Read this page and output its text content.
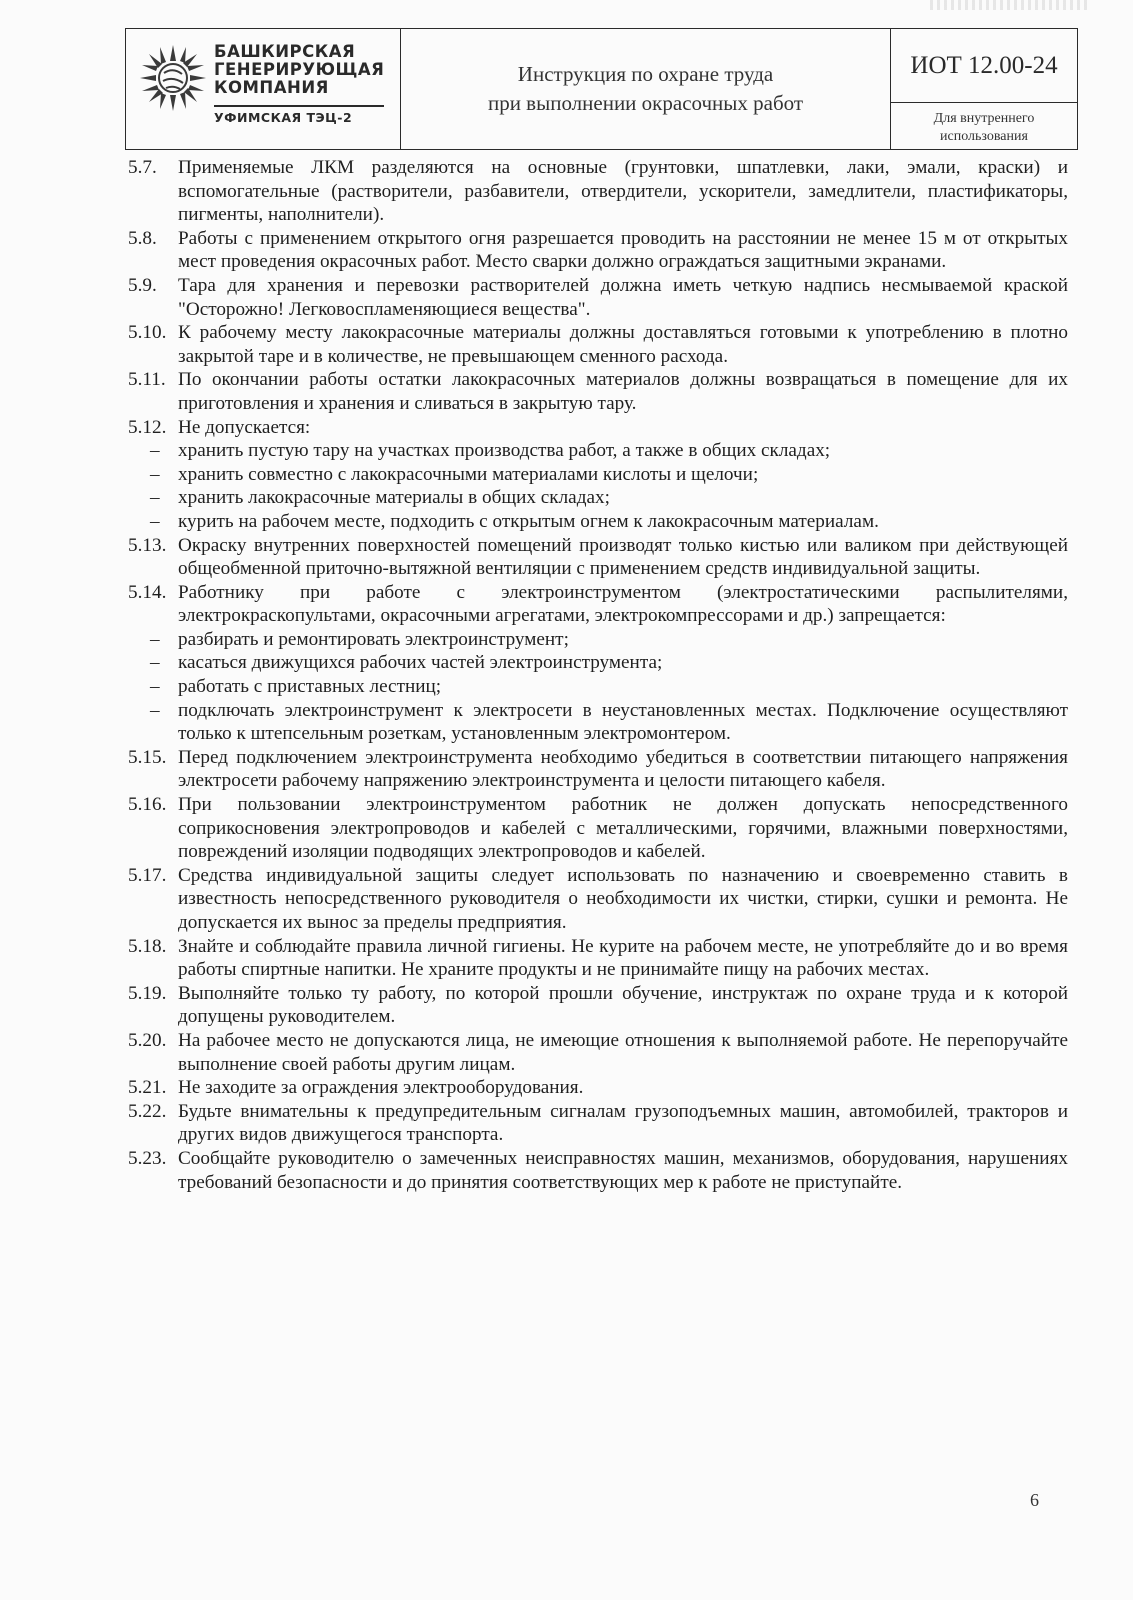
БАШКИРСКАЯ
ГЕНЕРИРУЮЩАЯ
КОМПАНИЯ
УФИМСКАЯ ТЭЦ-2
Инструкция по охране труда
при выполнении окрасочных работ
ИОТ 12.00-24
Для внутреннего
использования
5.7. Применяемые ЛКМ разделяются на основные (грунтовки, шпатлевки, лаки, эмали, краски) и вспомогательные (растворители, разбавители, отвердители, ускорители, замедлители, пластификаторы, пигменты, наполнители).
5.8. Работы с применением открытого огня разрешается проводить на расстоянии не менее 15 м от открытых мест проведения окрасочных работ. Место сварки должно ограждаться защитными экранами.
5.9. Тара для хранения и перевозки растворителей должна иметь четкую надпись несмываемой краской "Осторожно! Легковоспламеняющиеся вещества".
5.10. К рабочему месту лакокрасочные материалы должны доставляться готовыми к употреблению в плотно закрытой таре и в количестве, не превышающем сменного расхода.
5.11. По окончании работы остатки лакокрасочных материалов должны возвращаться в помещение для их приготовления и хранения и сливаться в закрытую тару.
5.12. Не допускается:
– хранить пустую тару на участках производства работ, а также в общих складах;
– хранить совместно с лакокрасочными материалами кислоты и щелочи;
– хранить лакокрасочные материалы в общих складах;
– курить на рабочем месте, подходить с открытым огнем к лакокрасочным материалам.
5.13. Окраску внутренних поверхностей помещений производят только кистью или валиком при действующей общеобменной приточно-вытяжной вентиляции с применением средств индивидуальной защиты.
5.14. Работнику при работе с электроинструментом (электростатическими распылителями, электрокраскопультами, окрасочными агрегатами, электрокомпрессорами и др.) запрещается:
– разбирать и ремонтировать электроинструмент;
– касаться движущихся рабочих частей электроинструмента;
– работать с приставных лестниц;
– подключать электроинструмент к электросети в неустановленных местах. Подключение осуществляют только к штепсельным розеткам, установленным электромонтером.
5.15. Перед подключением электроинструмента необходимо убедиться в соответствии питающего напряжения электросети рабочему напряжению электроинструмента и целости питающего кабеля.
5.16. При пользовании электроинструментом работник не должен допускать непосредственного соприкосновения электропроводов и кабелей с металлическими, горячими, влажными поверхностями, повреждений изоляции подводящих электропроводов и кабелей.
5.17. Средства индивидуальной защиты следует использовать по назначению и своевременно ставить в известность непосредственного руководителя о необходимости их чистки, стирки, сушки и ремонта. Не допускается их вынос за пределы предприятия.
5.18. Знайте и соблюдайте правила личной гигиены. Не курите на рабочем месте, не употребляйте до и во время работы спиртные напитки. Не храните продукты и не принимайте пищу на рабочих местах.
5.19. Выполняйте только ту работу, по которой прошли обучение, инструктаж по охране труда и к которой допущены руководителем.
5.20. На рабочее место не допускаются лица, не имеющие отношения к выполняемой работе. Не перепоручайте выполнение своей работы другим лицам.
5.21. Не заходите за ограждения электрооборудования.
5.22. Будьте внимательны к предупредительным сигналам грузоподъемных машин, автомобилей, тракторов и других видов движущегося транспорта.
5.23. Сообщайте руководителю о замеченных неисправностях машин, механизмов, оборудования, нарушениях требований безопасности и до принятия соответствующих мер к работе не приступайте.
6
